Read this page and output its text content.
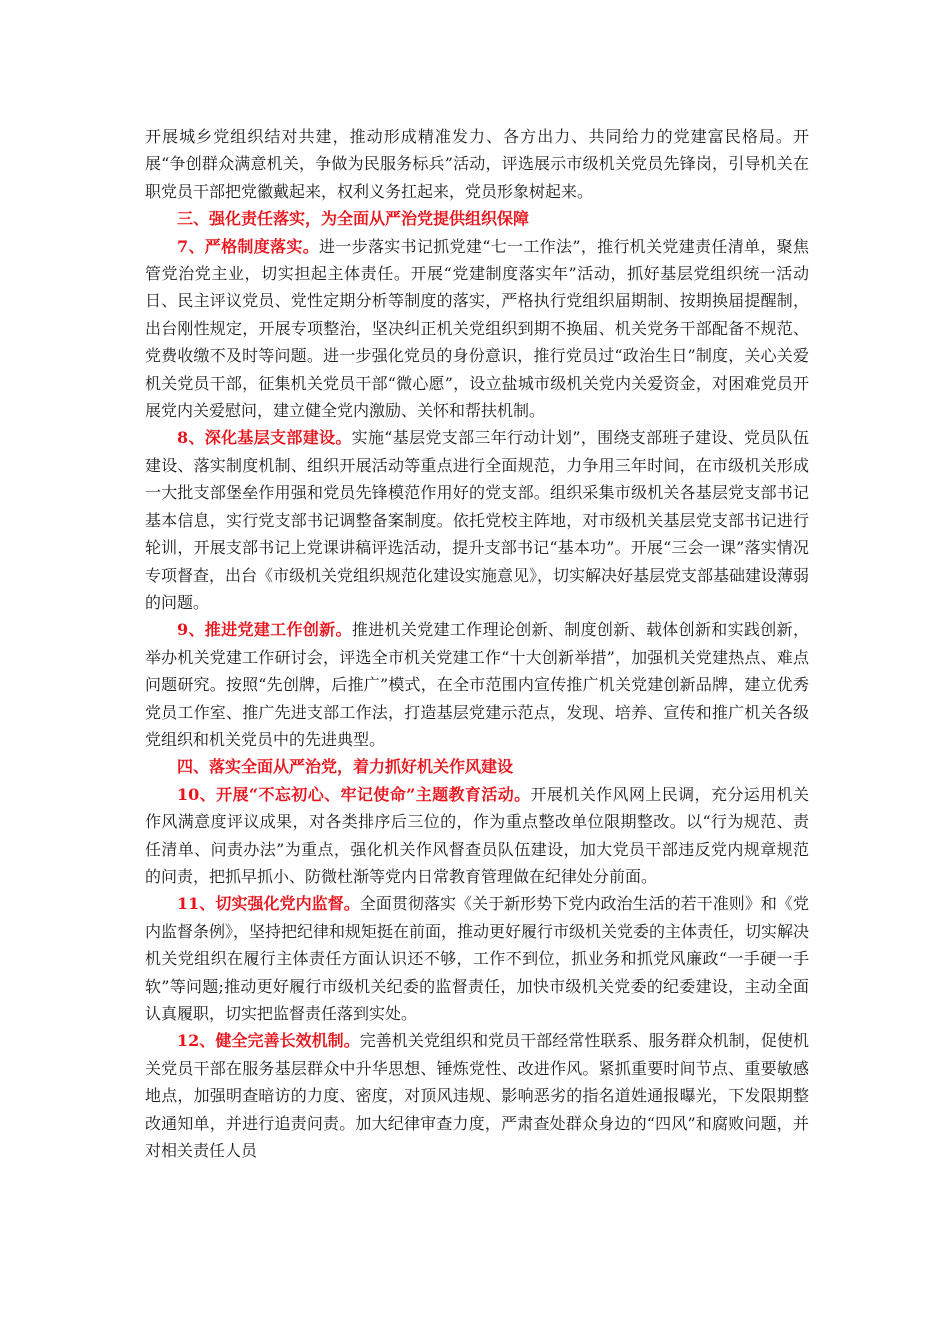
开展城乡党组织结对共建，推动形成精准发力、各方出力、共同给力的党建富民格局。开展“争创群众满意机关，争做为民服务标兵”活动，评选展示市级机关党员先锋岗，引导机关在职党员干部把党徽戴起来，权利义务扛起来，党员形象树起来。

三、强化责任落实，为全面从严治党提供组织保障

7、严格制度落实。进一步落实书记抓党建“七一工作法”，推行机关党建责任清单，聚焦管党治党主业，切实担起主体责任。开展“党建制度落实年”活动，抓好基层党组织统一活动日、民主评议党员、党性定期分析等制度的落实，严格执行党组织届期制、按期换届提醒制，出台刚性规定，开展专项整治，坚决纠正机关党组织到期不换届、机关党务干部配备不规范、党费收缴不及时等问题。进一步强化党员的身份意识，推行党员过“政治生日”制度，关心关爱机关党员干部，征集机关党员干部“微心愿”，设立盐城市级机关党内关爱资金，对困难党员开展党内关爱慰问，建立健全党内激励、关怀和帮扶机制。

8、深化基层支部建设。实施“基层党支部三年行动计划”，围绕支部班子建设、党员队伍建设、落实制度机制、组织开展活动等重点进行全面规范，力争用三年时间，在市级机关形成一大批支部堡垒作用强和党员先锋模范作用好的党支部。组织采集市级机关各基层党支部书记基本信息，实行党支部书记调整备案制度。依托党校主阵地，对市级机关基层党支部书记进行轮训，开展支部书记上党课讲稿评选活动，提升支部书记“基本功”。开展“三会一课”落实情况专项督查，出台《市级机关党组织规范化建设实施意见》，切实解决好基层党支部基础建设薄弱的问题。

9、推进党建工作创新。推进机关党建工作理论创新、制度创新、载体创新和实践创新，举办机关党建工作研讨会，评选全市机关党建工作“十大创新举措”，加强机关党建热点、难点问题研究。按照“先创牌，后推广”模式，在全市范围内宣传推广机关党建创新品牌，建立优秀党员工作室、推广先进支部工作法，打造基层党建示范点，发现、培养、宣传和推广机关各级党组织和机关党员中的先进典型。

四、落实全面从严治党，着力抓好机关作风建设

10、开展“不忘初心、牢记使命”主题教育活动。开展机关作风网上民调，充分运用机关作风满意度评议成果，对各类排序后三位的，作为重点整改单位限期整改。以“行为规范、责任清单、问责办法”为重点，强化机关作风督查员队伍建设，加大党员干部违反党内规章规范的问责，把抓早抓小、防微杜渐等党内日常教育管理做在纪律处分前面。

11、切实强化党内监督。全面贯彻落实《关于新形势下党内政治生活的若干准则》和《党内监督条例》，坚持把纪律和规矩挺在前面，推动更好履行市级机关党委的主体责任，切实解决机关党组织在履行主体责任方面认识还不够，工作不到位，抓业务和抓党风廉政“一手硬一手软”等问题;推动更好履行市级机关纪委的监督责任，加快市级机关党委的纪委建设，主动全面认真履职，切实把监督责任落到实处。

12、健全完善长效机制。完善机关党组织和党员干部经常性联系、服务群众机制，促使机关党员干部在服务基层群众中升华思想、锤炼党性、改进作风。紧抓重要时间节点、重要敏感地点，加强明查暗访的力度、密度，对顶风违规、影响恶劣的指名道姓通报曝光，下发限期整改通知单，并进行追责问责。加大纪律审查力度，严肃查处群众身边的“四风”和腐败问题，并对相关责任人员
